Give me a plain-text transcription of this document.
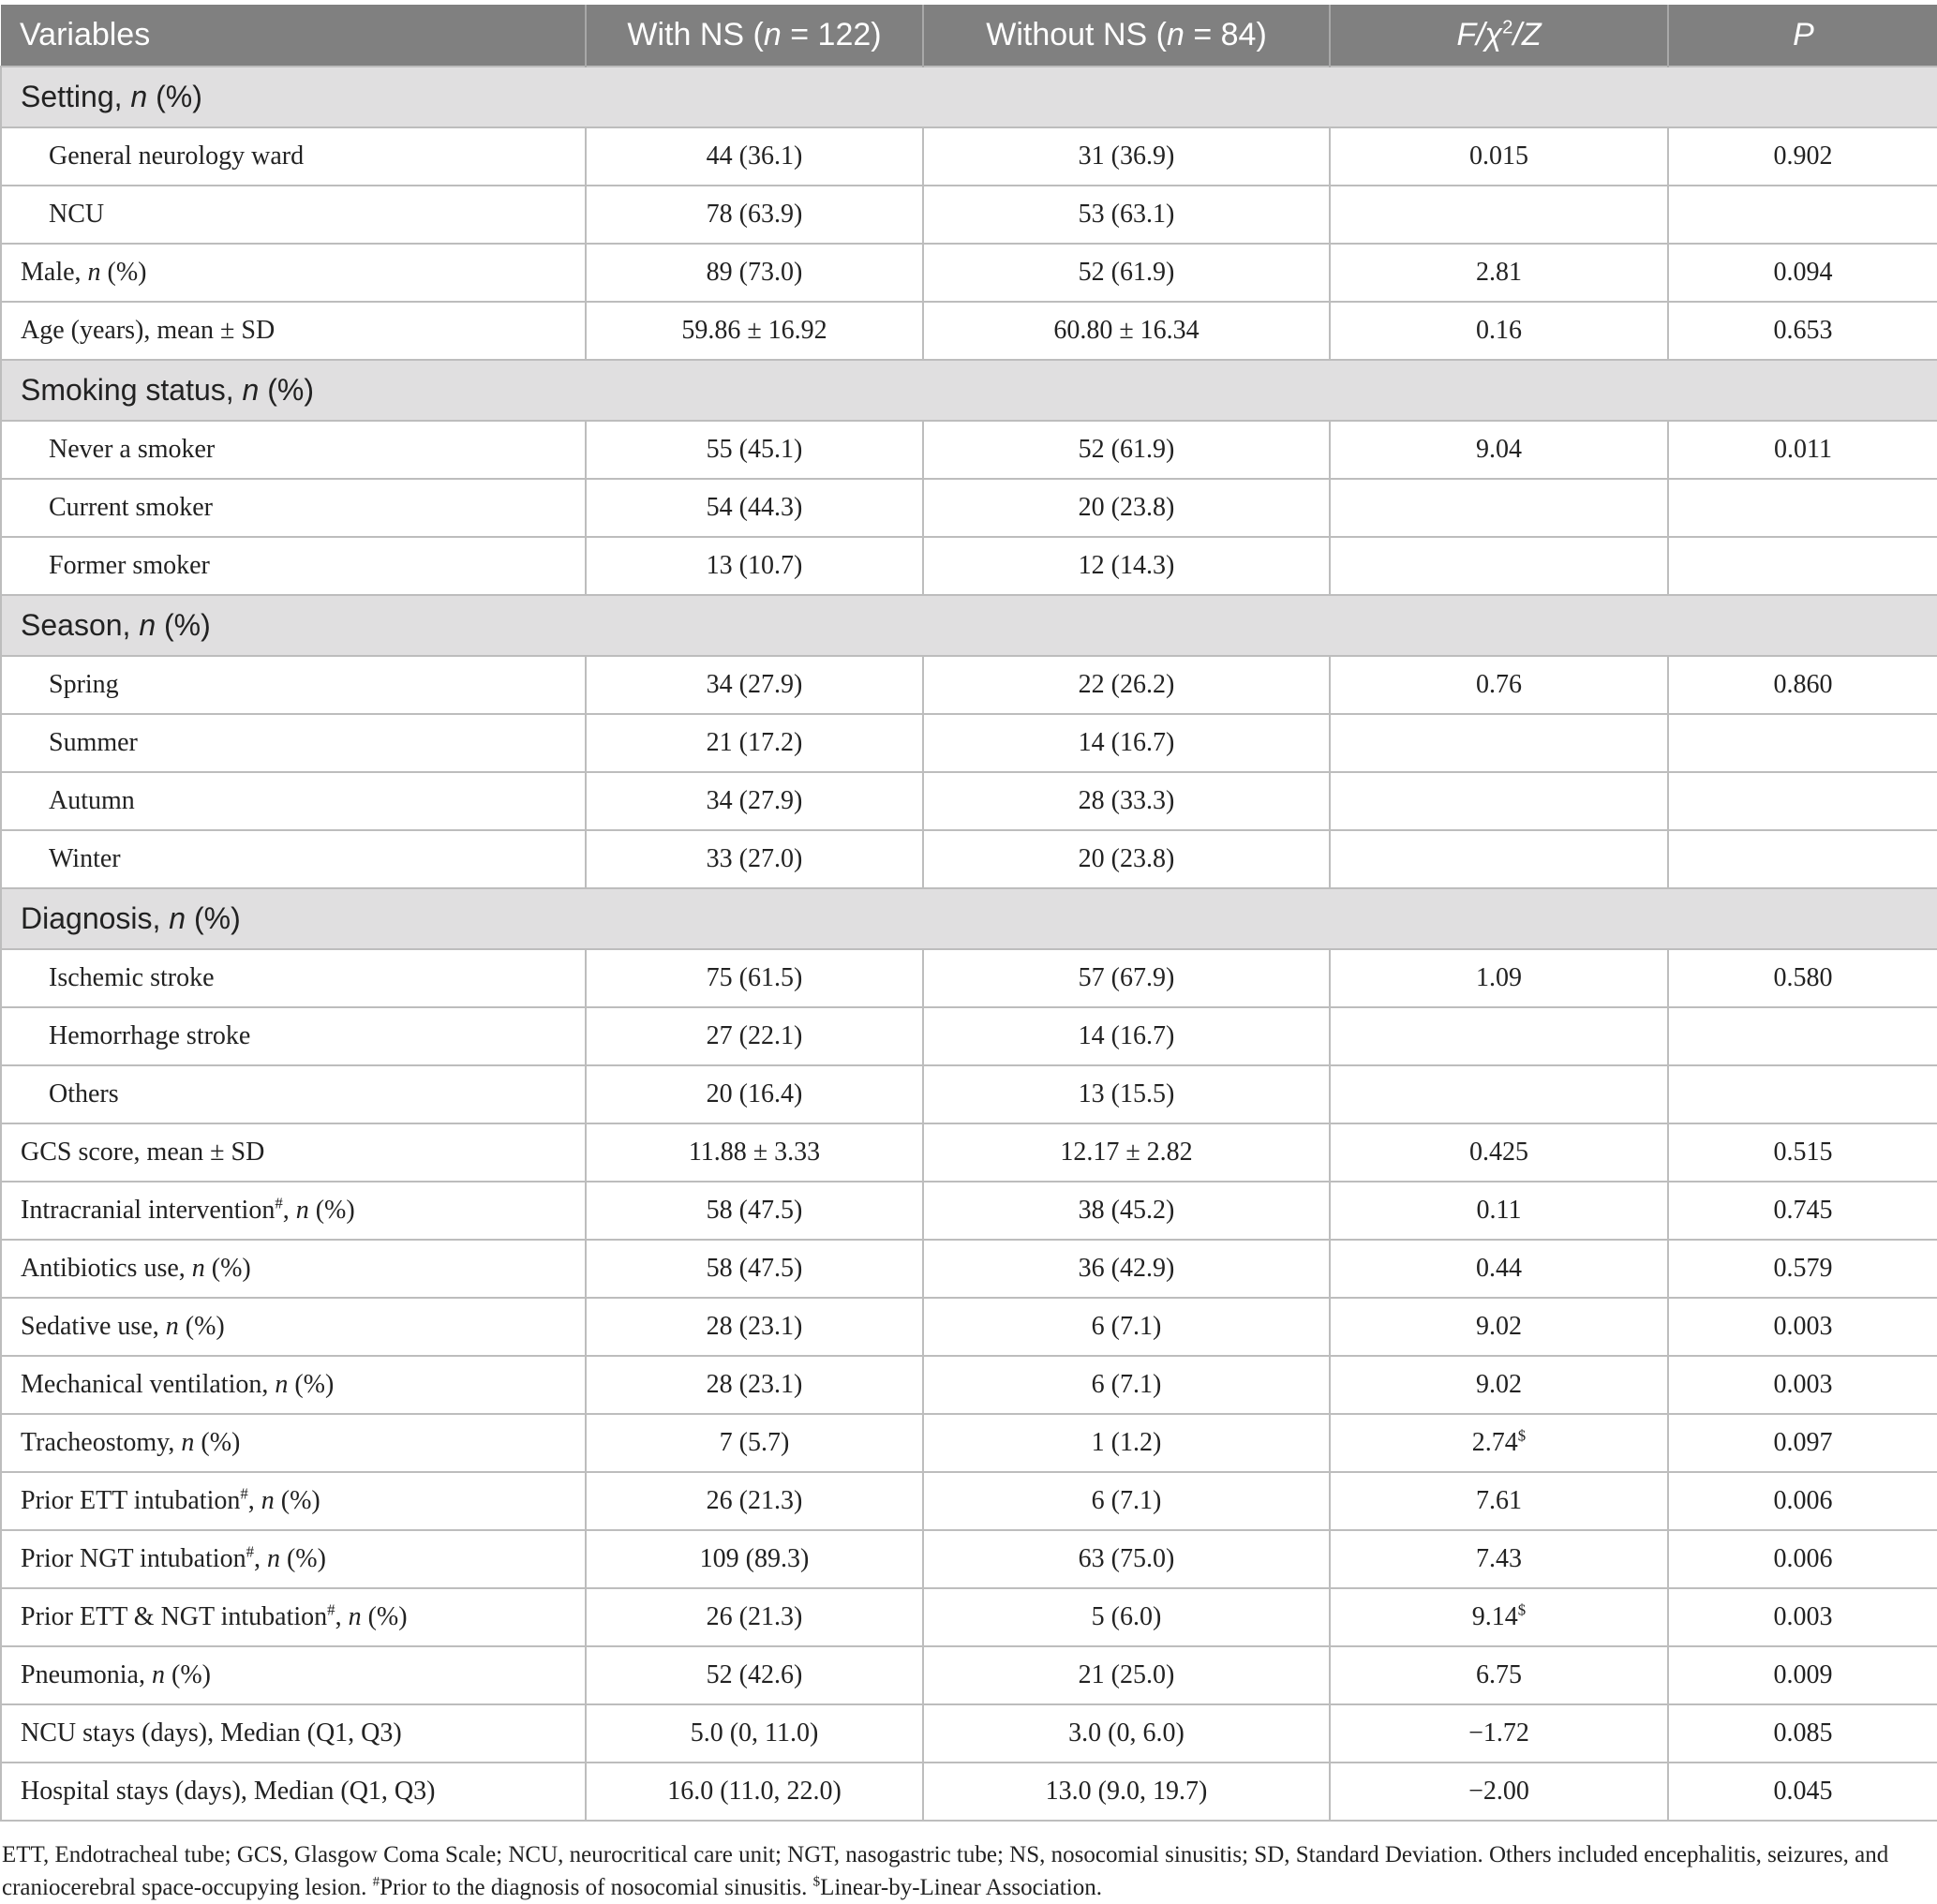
Variables	With NS (n = 122)	Without NS (n = 84)	$F/\chi^2/Z$	P
Setting, n (%)				
General neurology ward	44 (36.1)	31 (36.9)	0.015	0.902
NCU	78 (63.9)	53 (63.1)		
Male, n (%)	89 (73.0)	52 (61.9)	2.81	0.094
Age (years), mean ± SD	59.86 ± 16.92	60.80 ± 16.34	0.16	0.653
Smoking status, n (%)				
Never a smoker	55 (45.1)	52 (61.9)	9.04	0.011
Current smoker	54 (44.3)	20 (23.8)		
Former smoker	13 (10.7)	12 (14.3)		
Season, n (%)				
Spring	34 (27.9)	22 (26.2)	0.76	0.860
Summer	21 (17.2)	14 (16.7)		
Autumn	34 (27.9)	28 (33.3)		
Winter	33 (27.0)	20 (23.8)		
Diagnosis, n (%)				
Ischemic stroke	75 (61.5)	57 (67.9)	1.09	0.580
Hemorrhage stroke	27 (22.1)	14 (16.7)		
Others	20 (16.4)	13 (15.5)		
GCS score, mean ± SD	11.88 ± 3.33	12.17 ± 2.82	0.425	0.515
Intracranial intervention#, n (%)	58 (47.5)	38 (45.2)	0.11	0.745
Antibiotics use, n (%)	58 (47.5)	36 (42.9)	0.44	0.579
Sedative use, n (%)	28 (23.1)	6 (7.1)	9.02	0.003
Mechanical ventilation, n (%)	28 (23.1)	6 (7.1)	9.02	0.003
Tracheostomy, n (%)	7 (5.7)	1 (1.2)	2.74$	0.097
Prior ETT intubation#, n (%)	26 (21.3)	6 (7.1)	7.61	0.006
Prior NGT intubation#, n (%)	109 (89.3)	63 (75.0)	7.43	0.006
Prior ETT & NGT intubation#, n (%)	26 (21.3)	5 (6.0)	9.14$	0.003
Pneumonia, n (%)	52 (42.6)	21 (25.0)	6.75	0.009
NCU stays (days), Median (Q1, Q3)	5.0 (0, 11.0)	3.0 (0, 6.0)	−1.72	0.085
Hospital stays (days), Median (Q1, Q3)	16.0 (11.0, 22.0)	13.0 (9.0, 19.7)	−2.00	0.045
ETT, Endotracheal tube; GCS, Glasgow Coma Scale; NCU, neurocritical care unit; NGT, nasogastric tube; NS, nosocomial sinusitis; SD, Standard Deviation. Others included encephalitis, seizures, and craniocerebral space-occupying lesion. #Prior to the diagnosis of nosocomial sinusitis. $Linear-by-Linear Association.
